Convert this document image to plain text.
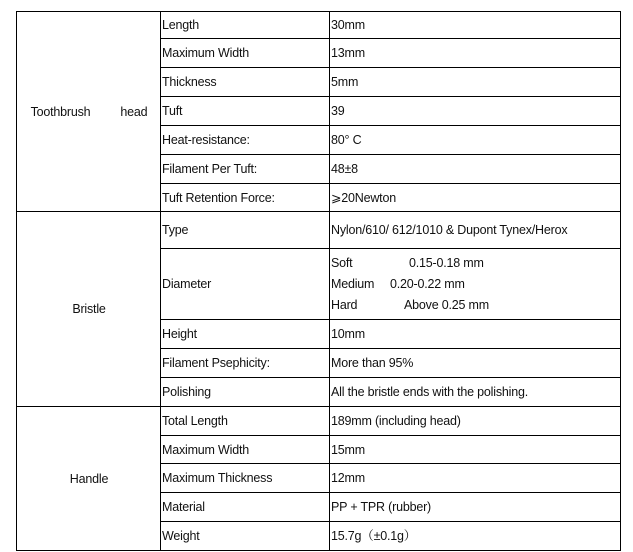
Toothbrush head	Length	30mm
	Maximum Width	13mm
	Thickness	5mm
	Tuft	39
	Heat-resistance:	80° C
	Filament Per Tuft:	48±8
	Tuft Retention Force:	⩾20Newton
Bristle	Type	Nylon/610/ 612/1010 & Dupont Tynex/Herox
	Diameter	Soft 0.15-0.18 mm
Medium 0.20-0.22 mm
Hard Above 0.25 mm

	Height	10mm
	Filament Psephicity:	More than 95%
	Polishing	All the bristle ends with the polishing.
Handle	Total Length	189mm (including head)
	Maximum Width	15mm
	Maximum Thickness	12mm
	Material	PP + TPR (rubber)
	Weight	15.7g（±0.1g）
